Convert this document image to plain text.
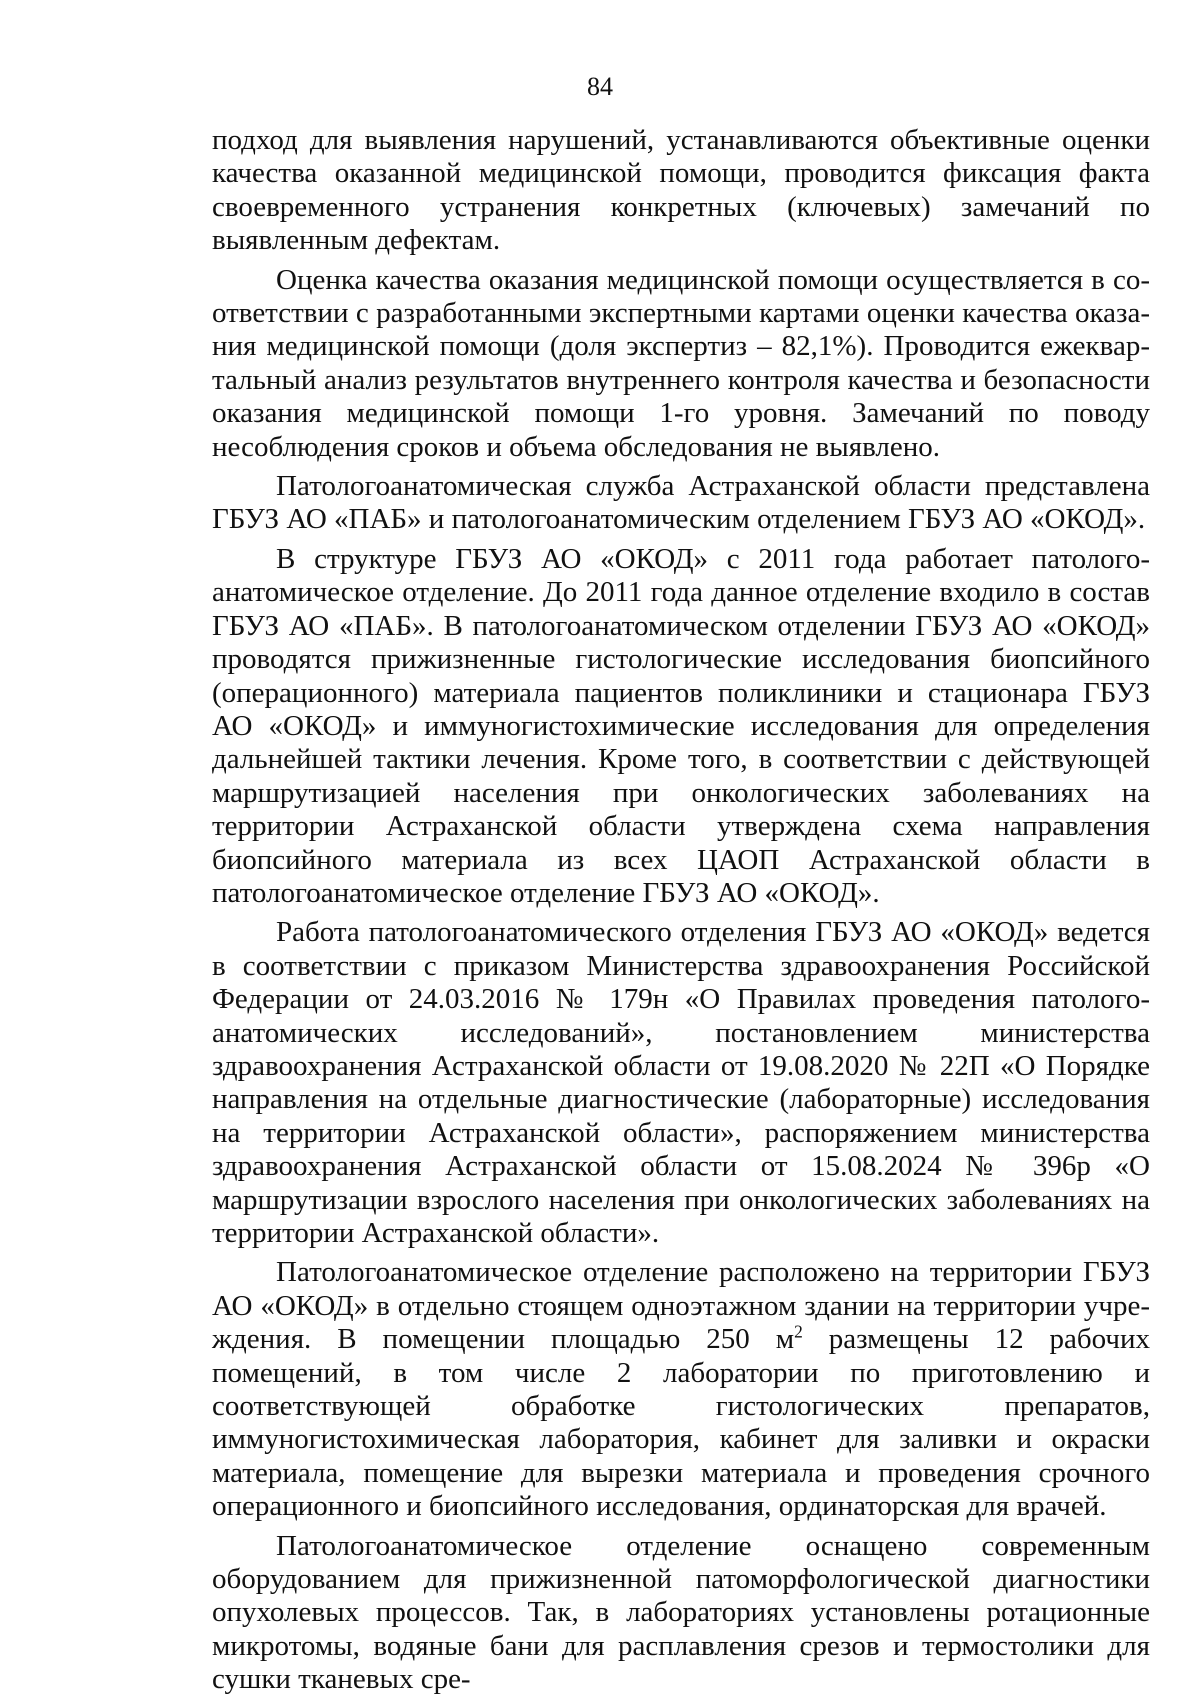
84

подход для выявления нарушений, устанавливаются объективные оценки качества оказанной медицинской помощи, проводится фиксация факта своевременного устранения конкретных (ключевых) замечаний по выявленным дефектам.

Оценка качества оказания медицинской помощи осуществляется в соответствии с разработанными экспертными картами оценки качества оказания медицинской помощи (доля экспертиз – 82,1%). Проводится ежеквартальный анализ результатов внутреннего контроля качества и безопасности оказания медицинской помощи 1-го уровня. Замечаний по поводу несоблюдения сроков и объема обследования не выявлено.

Патологоанатомическая служба Астраханской области представлена ГБУЗ АО «ПАБ» и патологоанатомическим отделением ГБУЗ АО «ОКОД».

В структуре ГБУЗ АО «ОКОД» с 2011 года работает патологоанатомическое отделение. До 2011 года данное отделение входило в состав ГБУЗ АО «ПАБ». В патологоанатомическом отделении ГБУЗ АО «ОКОД» проводятся прижизненные гистологические исследования биопсийного (операционного) материала пациентов поликлиники и стационара ГБУЗ АО «ОКОД» и иммуногистохимические исследования для определения дальнейшей тактики лечения. Кроме того, в соответствии с действующей маршрутизацией населения при онкологических заболеваниях на территории Астраханской области утверждена схема направления биопсийного материала из всех ЦАОП Астраханской области в патологоанатомическое отделение ГБУЗ АО «ОКОД».

Работа патологоанатомического отделения ГБУЗ АО «ОКОД» ведется в соответствии с приказом Министерства здравоохранения Российской Федерации от 24.03.2016 № 179н «О Правилах проведения патологоанатомических исследований», постановлением министерства здравоохранения Астраханской области от 19.08.2020 № 22П «О Порядке направления на отдельные диагностические (лабораторные) исследования на территории Астраханской области», распоряжением министерства здравоохранения Астраханской области от 15.08.2024 № 396р «О маршрутизации взрослого населения при онкологических заболеваниях на территории Астраханской области».

Патологоанатомическое отделение расположено на территории ГБУЗ АО «ОКОД» в отдельно стоящем одноэтажном здании на территории учреждения. В помещении площадью 250 $м^2$ размещены 12 рабочих помещений, в том числе 2 лаборатории по приготовлению и соответствующей обработке гистологических препаратов, иммуногистохимическая лаборатория, кабинет для заливки и окраски материала, помещение для вырезки материала и проведения срочного операционного и биопсийного исследования, ординаторская для врачей.

Патологоанатомическое отделение оснащено современным оборудованием для прижизненной патоморфологической диагностики опухолевых процессов. Так, в лабораториях установлены ротационные микротомы, водяные бани для расплавления срезов и термостолики для сушки тканевых сре-
